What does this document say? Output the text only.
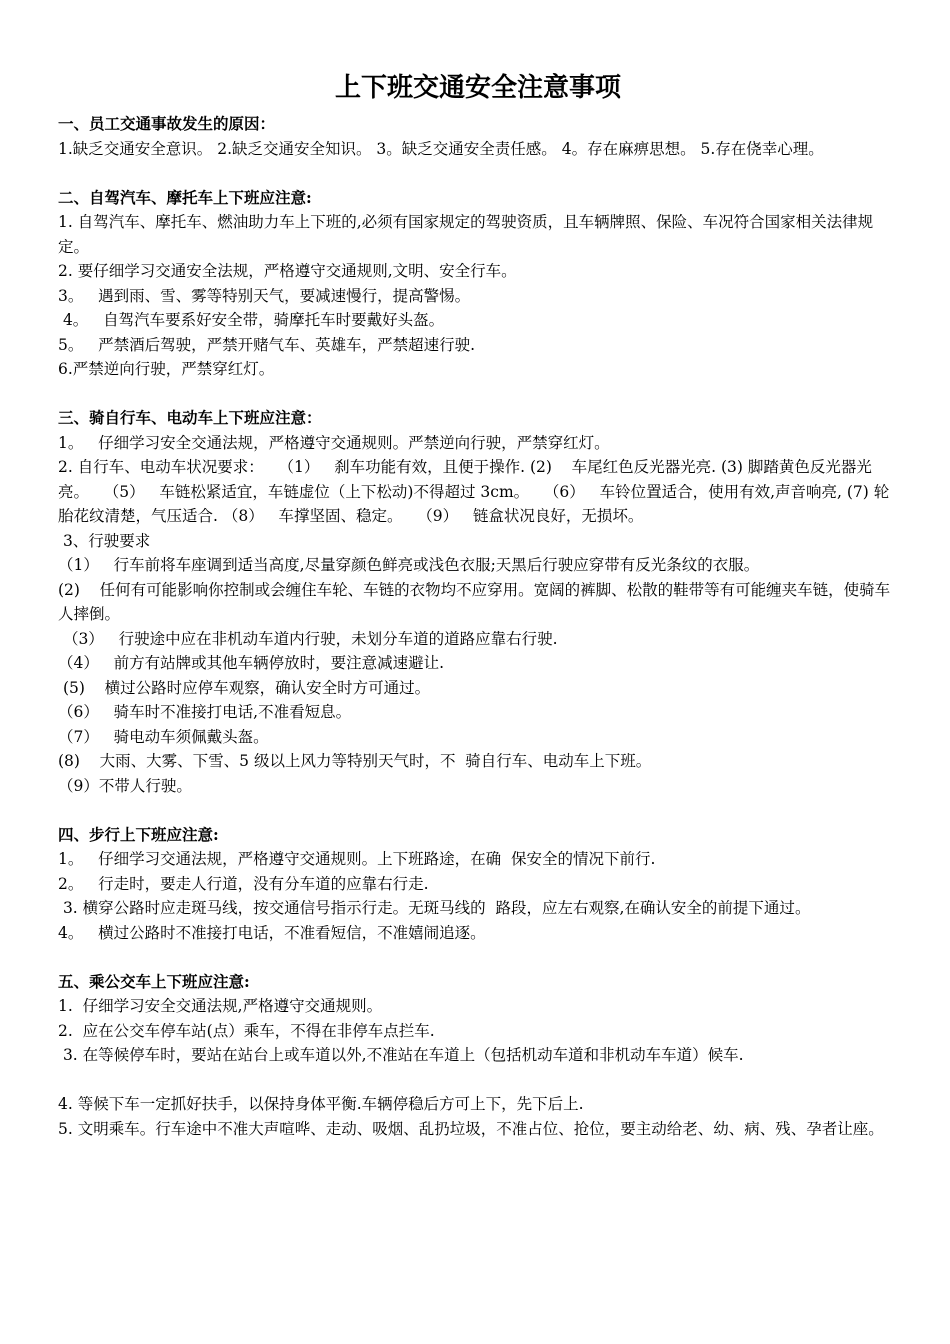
上下班交通安全注意事项
一、员工交通事故发生的原因：

1.缺乏交通安全意识。 2.缺乏交通安全知识。 3。缺乏交通安全责任感。 4。存在麻痹思想。 5.存在侥幸心理。

二、自驾汽车、摩托车上下班应注意:

1. 自驾汽车、摩托车、燃油助力车上下班的,必须有国家规定的驾驶资质，且车辆牌照、保险、车况符合国家相关法律规定。

2. 要仔细学习交通安全法规，严格遵守交通规则,文明、安全行车。

3。   遇到雨、雪、雾等特别天气，要减速慢行，提高警惕。

4。   自驾汽车要系好安全带，骑摩托车时要戴好头盔。

5。   严禁酒后驾驶，严禁开赌气车、英雄车，严禁超速行驶.

6.严禁逆向行驶，严禁穿红灯。

三、骑自行车、电动车上下班应注意：

1。   仔细学习安全交通法规，严格遵守交通规则。严禁逆向行驶，严禁穿红灯。

2. 自行车、电动车状况要求：   （1）   刹车功能有效，且便于操作. (2)    车尾红色反光器光亮. (3) 脚踏黄色反光器光亮。   （5）   车链松紧适宜，车链虚位（上下松动)不得超过 3cm。   （6）   车铃位置适合，使用有效,声音响亮, (7) 轮胎花纹清楚，气压适合. （8）   车撑坚固、稳定。   （9）   链盒状况良好，无损坏。

3、行驶要求

（1）   行车前将车座调到适当高度,尽量穿颜色鲜亮或浅色衣服;天黑后行驶应穿带有反光条纹的衣服。

(2)    任何有可能影响你控制或会缠住车轮、车链的衣物均不应穿用。宽阔的裤脚、松散的鞋带等有可能缠夹车链，使骑车人摔倒。

（3）   行驶途中应在非机动车道内行驶，未划分车道的道路应靠右行驶.

（4）   前方有站牌或其他车辆停放时，要注意减速避让.

(5)    横过公路时应停车观察，确认安全时方可通过。

（6）   骑车时不准接打电话,不准看短息。

（7）   骑电动车须佩戴头盔。

(8)    大雨、大雾、下雪、5 级以上风力等特别天气时，不  骑自行车、电动车上下班。

（9）不带人行驶。

四、步行上下班应注意:

1。   仔细学习交通法规，严格遵守交通规则。上下班路途，在确  保安全的情况下前行.

2。   行走时，要走人行道，没有分车道的应靠右行走.

3. 横穿公路时应走斑马线，按交通信号指示行走。无斑马线的  路段，应左右观察,在确认安全的前提下通过。

4。   横过公路时不准接打电话，不准看短信，不准嬉闹追逐。

五、乘公交车上下班应注意:

1.  仔细学习安全交通法规,严格遵守交通规则。

2.  应在公交车停车站(点）乘车，不得在非停车点拦车.

3. 在等候停车时，要站在站台上或车道以外,不准站在车道上（包括机动车道和非机动车车道）候车.

4. 等候下车一定抓好扶手，以保持身体平衡.车辆停稳后方可上下，先下后上.

5. 文明乘车。行车途中不准大声喧哗、走动、吸烟、乱扔垃圾，不准占位、抢位，要主动给老、幼、病、残、孕者让座。
